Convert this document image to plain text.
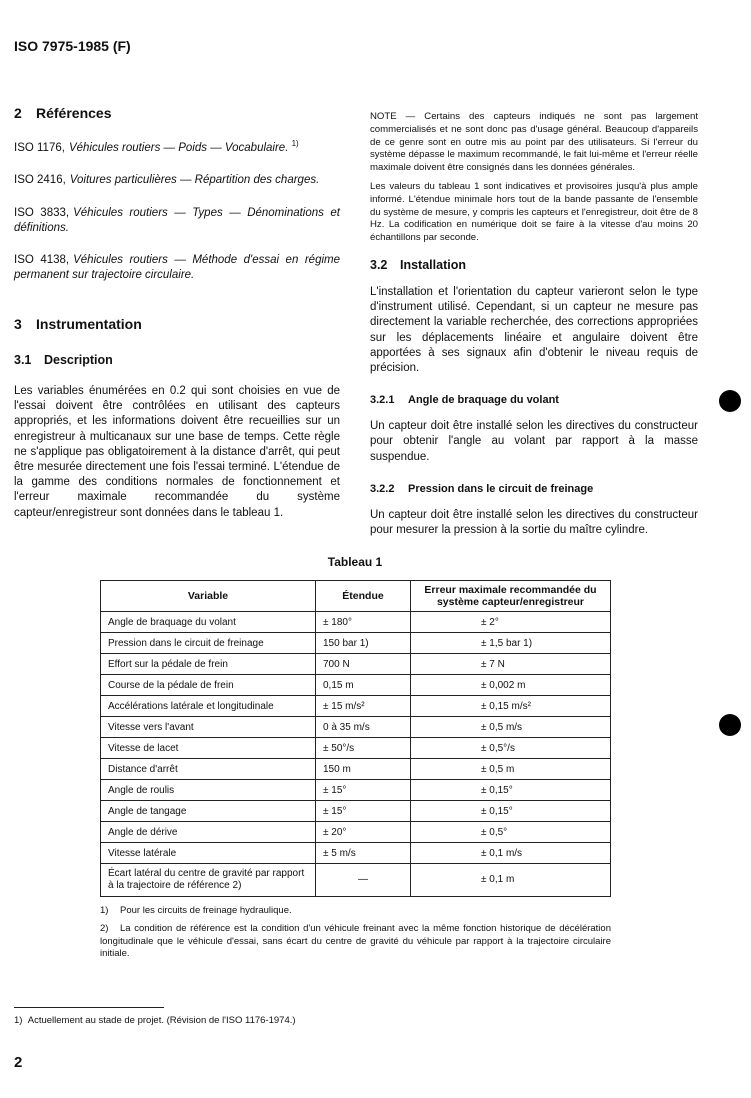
ISO 7975-1985 (F)
2	Références

ISO 1176, Véhicules routiers — Poids — Vocabulaire. $^{1)}$

ISO 2416, Voitures particulières — Répartition des charges.

ISO 3833, Véhicules routiers — Types — Dénominations et définitions.

ISO 4138, Véhicules routiers — Méthode d'essai en régime permanent sur trajectoire circulaire.

3	Instrumentation
3.1	Description

Les variables énumérées en 0.2 qui sont choisies en vue de l'essai doivent être contrôlées en utilisant des capteurs appropriés, et les informations doivent être recueillies sur un enregistreur à multicanaux sur une base de temps. Cette règle ne s'applique pas obligatoirement à la distance d'arrêt, qui peut être mesurée directement une fois l'essai terminé. L'étendue de la gamme des conditions normales de fonctionnement et l'erreur maximale recommandée du système capteur/enregistreur sont données dans le tableau 1.

NOTE — Certains des capteurs indiqués ne sont pas largement commercialisés et ne sont donc pas d'usage général. Beaucoup d'appareils de ce genre sont en outre mis au point par des utilisateurs. Si l'erreur du système dépasse le maximum recommandé, le fait lui-même et l'erreur réelle maximale doivent être consignés dans les données générales.

Les valeurs du tableau 1 sont indicatives et provisoires jusqu'à plus ample informé. L'étendue minimale hors tout de la bande passante de l'ensemble du système de mesure, y compris les capteurs et l'enregistreur, doit être de 8 Hz. La codification en numérique doit se faire à la vitesse d'au moins 20 échantillons par seconde.

3.2	Installation

L'installation et l'orientation du capteur varieront selon le type d'instrument utilisé. Cependant, si un capteur ne mesure pas directement la variable recherchée, des corrections appropriées sur les déplacements linéaire et angulaire doivent être apportées à ses signaux afin d'obtenir le niveau requis de précision.

3.2.1	Angle de braquage du volant

Un capteur doit être installé selon les directives du constructeur pour obtenir l'angle au volant par rapport à la masse suspendue.

3.2.2	Pression dans le circuit de freinage

Un capteur doit être installé selon les directives du constructeur pour mesurer la pression à la sortie du maître cylindre.

Tableau 1
Variable	Étendue	Erreur maximale recommandée du système capteur/enregistreur
Angle de braquage du volant	± 180°	± 2°
Pression dans le circuit de freinage	150 bar 1)	± 1,5 bar 1)
Effort sur la pédale de frein	700 N	± 7 N
Course de la pédale de frein	0,15 m	± 0,002 m
Accélérations latérale et longitudinale	± 15 m/s²	± 0,15 m/s²
Vitesse vers l'avant	0 à 35 m/s	± 0,5 m/s
Vitesse de lacet	± 50°/s	± 0,5°/s
Distance d'arrêt	150 m	± 0,5 m
Angle de roulis	± 15°	± 0,15°
Angle de tangage	± 15°	± 0,15°
Angle de dérive	± 20°	± 0,5°
Vitesse latérale	± 5 m/s	± 0,1 m/s
Écart latéral du centre de gravité par rapport à la trajectoire de référence 2)	—	± 0,1 m

1) Pour les circuits de freinage hydraulique.

2) La condition de référence est la condition d'un véhicule freinant avec la même fonction historique de décélération longitudinale que le véhicule d'essai, sans écart du centre de gravité du véhicule par rapport à la trajectoire circulaire initiale.

1) Actuellement au stade de projet. (Révision de l'ISO 1176-1974.)
2
